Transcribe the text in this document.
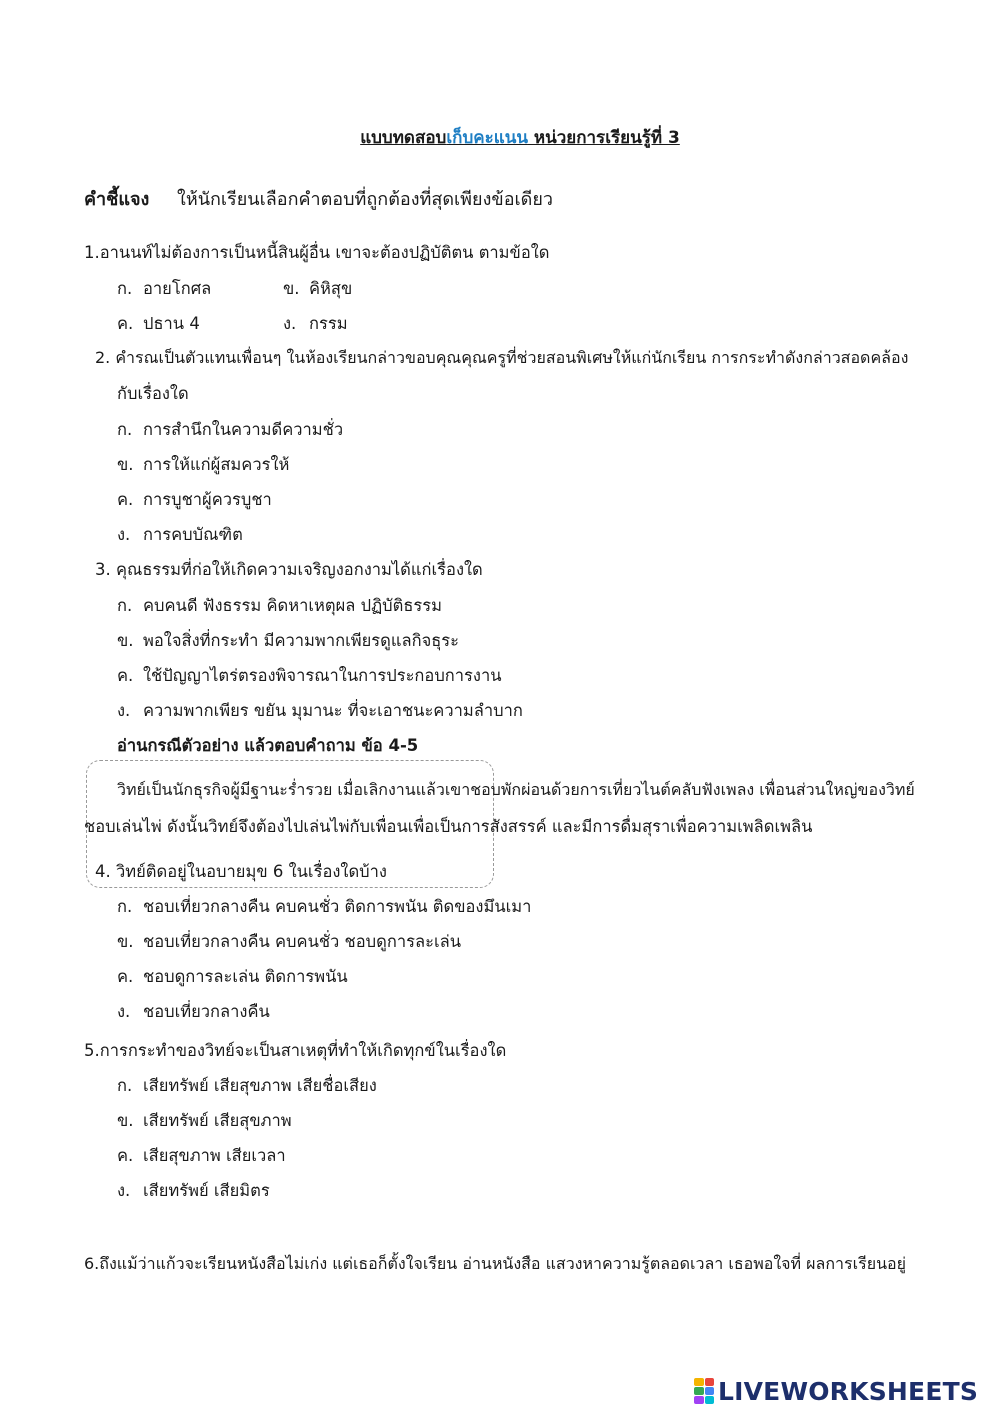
แบบทดสอบเก็บคะแนน หน่วยการเรียนรู้ที่ 3
คำชี้แจง ให้นักเรียนเลือกคำตอบที่ถูกต้องที่สุดเพียงข้อเดียว
1.อานนท์ไม่ต้องการเป็นหนี้สินผู้อื่น เขาจะต้องปฏิบัติตน ตามข้อใด
ก. อายโกศล	ข. คิหิสุข
ค. ปธาน 4	ง. กรรม
2. คำรณเป็นตัวแทนเพื่อนๆ ในห้องเรียนกล่าวขอบคุณคุณครูที่ช่วยสอนพิเศษให้แก่นักเรียน การกระทำดังกล่าวสอดคล้อง
กับเรื่องใด
ก. การสำนึกในความดีความชั่ว
ข. การให้แก่ผู้สมควรให้
ค. การบูชาผู้ควรบูชา
ง. การคบบัณฑิต
3. คุณธรรมที่ก่อให้เกิดความเจริญงอกงามได้แก่เรื่องใด
ก. คบคนดี ฟังธรรม คิดหาเหตุผล ปฏิบัติธรรม
ข. พอใจสิ่งที่กระทำ มีความพากเพียรดูแลกิจธุระ
ค. ใช้ปัญญาไตร่ตรองพิจารณาในการประกอบการงาน
ง. ความพากเพียร ขยัน มุมานะ ที่จะเอาชนะความลำบาก
อ่านกรณีตัวอย่าง แล้วตอบคำถาม ข้อ 4-5
วิทย์เป็นนักธุรกิจผู้มีฐานะร่ำรวย เมื่อเลิกงานแล้วเขาชอบพักผ่อนด้วยการเที่ยวไนต์คลับฟังเพลง เพื่อนส่วนใหญ่ของวิทย์
ชอบเล่นไพ่ ดังนั้นวิทย์จึงต้องไปเล่นไพ่กับเพื่อนเพื่อเป็นการสังสรรค์ และมีการดื่มสุราเพื่อความเพลิดเพลิน
4. วิทย์ติดอยู่ในอบายมุข 6 ในเรื่องใดบ้าง
ก. ชอบเที่ยวกลางคืน คบคนชั่ว ติดการพนัน ติดของมึนเมา
ข. ชอบเที่ยวกลางคืน คบคนชั่ว ชอบดูการละเล่น
ค. ชอบดูการละเล่น ติดการพนัน
ง. ชอบเที่ยวกลางคืน
5.การกระทำของวิทย์จะเป็นสาเหตุที่ทำให้เกิดทุกข์ในเรื่องใด
ก. เสียทรัพย์ เสียสุขภาพ เสียชื่อเสียง
ข. เสียทรัพย์ เสียสุขภาพ
ค. เสียสุขภาพ เสียเวลา
ง. เสียทรัพย์ เสียมิตร
6.ถึงแม้ว่าแก้วจะเรียนหนังสือไม่เก่ง แต่เธอก็ตั้งใจเรียน อ่านหนังสือ แสวงหาความรู้ตลอดเวลา เธอพอใจที่ ผลการเรียนอยู่
LIVEWORKSHEETS
